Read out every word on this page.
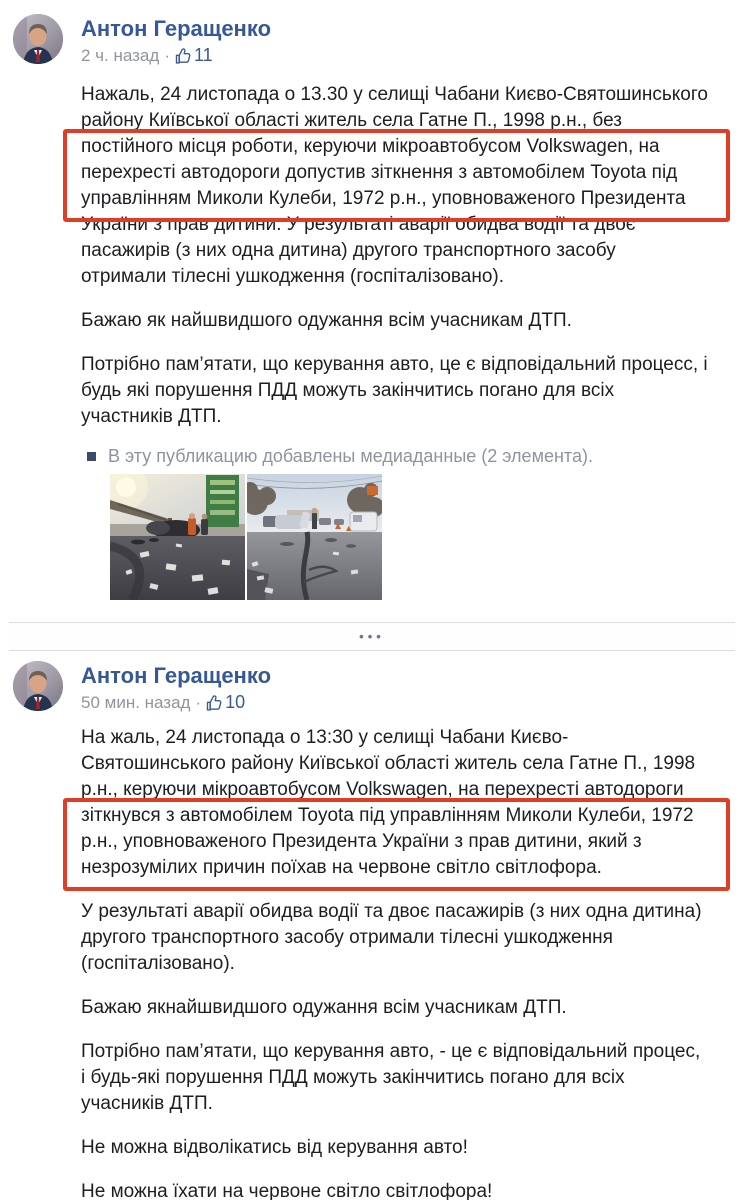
Антон Геращенко
2 ч. назад · 11

Нажаль, 24 листопада о 13.30 у селищі Чабани Києво-Святошинського
району Київської області житель села Гатне П., 1998 р.н., без
постійного місця роботи, керуючи мікроавтобусом Volkswagen, на
перехресті автодороги допустив зіткнення з автомобілем Toyota під
управлінням Миколи Кулеби, 1972 р.н., уповноваженого Президента
України з прав дитини. У результаті аварії обидва водії та двоє
пасажирів (з них одна дитина) другого транспортного засобу
отримали тілесні ушкодження (госпіталізовано).

Бажаю як найшвидшого одужання всім учасникам ДТП.

Потрібно пам’ятати, що керування авто, це є відповідальний процесс, і
будь які порушення ПДД можуть закінчитись погано для всіх
участників ДТП.

В эту публикацию добавлены медиаданные (2 элемента).
•••
Антон Геращенко
50 мин. назад · 10

На жаль, 24 листопада о 13:30 у селищі Чабани Києво-
Святошинського району Київської області житель села Гатне П., 1998
р.н., керуючи мікроавтобусом Volkswagen, на перехресті автодороги
зіткнувся з автомобілем Toyota під управлінням Миколи Кулеби, 1972
р.н., уповноваженого Президента України з прав дитини, який з
незрозумілих причин поїхав на червоне світло світлофора.

У результаті аварії обидва водії та двоє пасажирів (з них одна дитина)
другого транспортного засобу отримали тілесні ушкодження
(госпіталізовано).

Бажаю якнайшвидшого одужання всім учасникам ДТП.

Потрібно пам’ятати, що керування авто, - це є відповідальний процес,
і будь-які порушення ПДД можуть закінчитись погано для всіх
учасників ДТП.

Не можна відволікатись від керування авто!

Не можна їхати на червоне світло світлофора!
